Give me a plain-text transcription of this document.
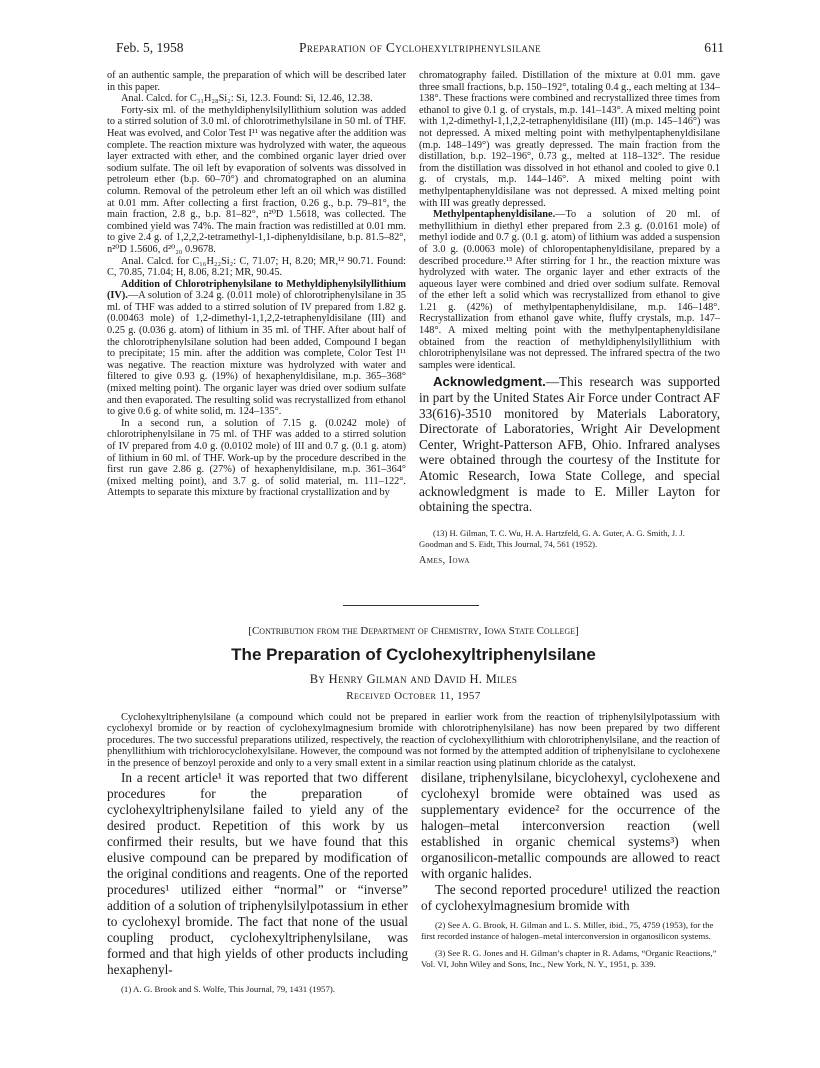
Feb. 5, 1958	Preparation of Cyclohexyltriphenylsilane	611

of an authentic sample, the preparation of which will be described later in this paper.

Anal. Calcd. for C₃₁H₂₈Si₂: Si, 12.3. Found: Si, 12.46, 12.38.

Forty-six ml. of the methyldiphenylsilyllithium solution was added to a stirred solution of 3.0 ml. of chlorotrimethylsilane in 50 ml. of THF. Heat was evolved, and Color Test I¹¹ was negative after the addition was complete. The reaction mixture was hydrolyzed with water, the aqueous layer extracted with ether, and the combined organic layer dried over sodium sulfate. The oil left by evaporation of solvents was dissolved in petroleum ether (b.p. 60–70°) and chromatographed on an alumina column. Removal of the petroleum ether left an oil which was distilled at 0.01 mm. After collecting a first fraction, 0.26 g., b.p. 79–81°, the main fraction, 2.8 g., b.p. 81–82°, n²⁰D 1.5618, was collected. The combined yield was 74%. The main fraction was redistilled at 0.01 mm. to give 2.4 g. of 1,2,2,2-tetramethyl-1,1-diphenyldisilane, b.p. 81.5–82°, n²⁰D 1.5606, d²⁰₂₀ 0.9678.

Anal. Calcd. for C₁₆H₂₂Si₂: C, 71.07; H, 8.20; MR,¹² 90.71. Found: C, 70.85, 71.04; H, 8.06, 8.21; MR, 90.45.

Addition of Chlorotriphenylsilane to Methyldiphenylsilyllithium (IV).—A solution of 3.24 g. (0.011 mole) of chlorotriphenylsilane in 35 ml. of THF was added to a stirred solution of IV prepared from 1.82 g. (0.00463 mole) of 1,2-dimethyl-1,1,2,2-tetraphenyldisilane (III) and 0.25 g. (0.036 g. atom) of lithium in 35 ml. of THF. After about half of the chlorotriphenylsilane solution had been added, Compound I began to precipitate; 15 min. after the addition was complete, Color Test I¹¹ was negative. The reaction mixture was hydrolyzed with water and filtered to give 0.93 g. (19%) of hexaphenyldisilane, m.p. 365–368° (mixed melting point). The organic layer was dried over sodium sulfate and then evaporated. The resulting solid was recrystallized from ethanol to give 0.6 g. of white solid, m. 124–135°.

In a second run, a solution of 7.15 g. (0.0242 mole) of chlorotriphenylsilane in 75 ml. of THF was added to a stirred solution of IV prepared from 4.0 g. (0.0102 mole) of III and 0.7 g. (0.1 g. atom) of lithium in 60 ml. of THF. Work-up by the procedure described in the first run gave 2.86 g. (27%) of hexaphenyldisilane, m.p. 361–364° (mixed melting point), and 3.7 g. of solid material, m. 111–122°. Attempts to separate this mixture by fractional crystallization and by

chromatography failed. Distillation of the mixture at 0.01 mm. gave three small fractions, b.p. 150–192°, totaling 0.4 g., each melting at 134–138°. These fractions were combined and recrystallized three times from ethanol to give 0.1 g. of crystals, m.p. 141–143°. A mixed melting point with 1,2-dimethyl-1,1,2,2-tetraphenyldisilane (III) (m.p. 145–146°) was not depressed. A mixed melting point with methylpentaphenyldisilane (m.p. 148–149°) was greatly depressed. The main fraction from the distillation, b.p. 192–196°, 0.73 g., melted at 118–132°. The residue from the distillation was dissolved in hot ethanol and cooled to give 0.1 g. of crystals, m.p. 144–146°. A mixed melting point with methylpentaphenyldisilane was not depressed. A mixed melting point with III was greatly depressed.

Methylpentaphenyldisilane.—To a solution of 20 ml. of methyllithium in diethyl ether prepared from 2.3 g. (0.0161 mole) of methyl iodide and 0.7 g. (0.1 g. atom) of lithium was added a suspension of 3.0 g. (0.0063 mole) of chloropentaphenyldisilane, prepared by a described procedure.¹³ After stirring for 1 hr., the reaction mixture was hydrolyzed with water. The organic layer and ether extracts of the aqueous layer were combined and dried over sodium sulfate. Removal of the ether left a solid which was recrystallized from ethanol to give 1.21 g. (42%) of methylpentaphenyldisilane, m.p. 146–148°. Recrystallization from ethanol gave white, fluffy crystals, m.p. 147–148°. A mixed melting point with the methylpentaphenyldisilane obtained from the reaction of methyldiphenylsilyllithium with chlorotriphenylsilane was not depressed. The infrared spectra of the two samples were identical.

Acknowledgment.—This research was supported in part by the United States Air Force under Contract AF 33(616)-3510 monitored by Materials Laboratory, Directorate of Laboratories, Wright Air Development Center, Wright-Patterson AFB, Ohio. Infrared analyses were obtained through the courtesy of the Institute for Atomic Research, Iowa State College, and special acknowledgment is made to E. Miller Layton for obtaining the spectra.

(13) H. Gilman, T. C. Wu, H. A. Hartzfeld, G. A. Guter, A. G. Smith, J. J. Goodman and S. Eidt, This Journal, 74, 561 (1952).

Ames, Iowa
[Contribution from the Department of Chemistry, Iowa State College]
The Preparation of Cyclohexyltriphenylsilane
By Henry Gilman and David H. Miles
Received October 11, 1957

Cyclohexyltriphenylsilane (a compound which could not be prepared in earlier work from the reaction of triphenylsilylpotassium with cyclohexyl bromide or by reaction of cyclohexylmagnesium bromide with chlorotriphenylsilane) has now been prepared by two different procedures. The two successful preparations utilized, respectively, the reaction of cyclohexyllithium with chlorotriphenylsilane, and the reaction of phenyllithium with trichlorocyclohexylsilane. However, the compound was not formed by the attempted addition of triphenylsilane to cyclohexene in the presence of benzoyl peroxide and only to a very small extent in a similar reaction using platinum chloride as the catalyst.

In a recent article¹ it was reported that two different procedures for the preparation of cyclohexyltriphenylsilane failed to yield any of the desired product. Repetition of this work by us confirmed their results, but we have found that this elusive compound can be prepared by modification of the original conditions and reagents. One of the reported procedures¹ utilized either “normal” or “inverse” addition of a solution of triphenylsilylpotassium in ether to cyclohexyl bromide. The fact that none of the usual coupling product, cyclohexyltriphenylsilane, was formed and that high yields of other products including hexaphenyl-

(1) A. G. Brook and S. Wolfe, This Journal, 79, 1431 (1957).

disilane, triphenylsilane, bicyclohexyl, cyclohexene and cyclohexyl bromide were obtained was used as supplementary evidence² for the occurrence of the halogen–metal interconversion reaction (well established in organic chemical systems³) when organosilicon-metallic compounds are allowed to react with organic halides.

The second reported procedure¹ utilized the reaction of cyclohexylmagnesium bromide with

(2) See A. G. Brook, H. Gilman and L. S. Miller, ibid., 75, 4759 (1953), for the first recorded instance of halogen–metal interconversion in organosilicon systems.

(3) See R. G. Jones and H. Gilman’s chapter in R. Adams, “Organic Reactions,” Vol. VI, John Wiley and Sons, Inc., New York, N. Y., 1951, p. 339.
